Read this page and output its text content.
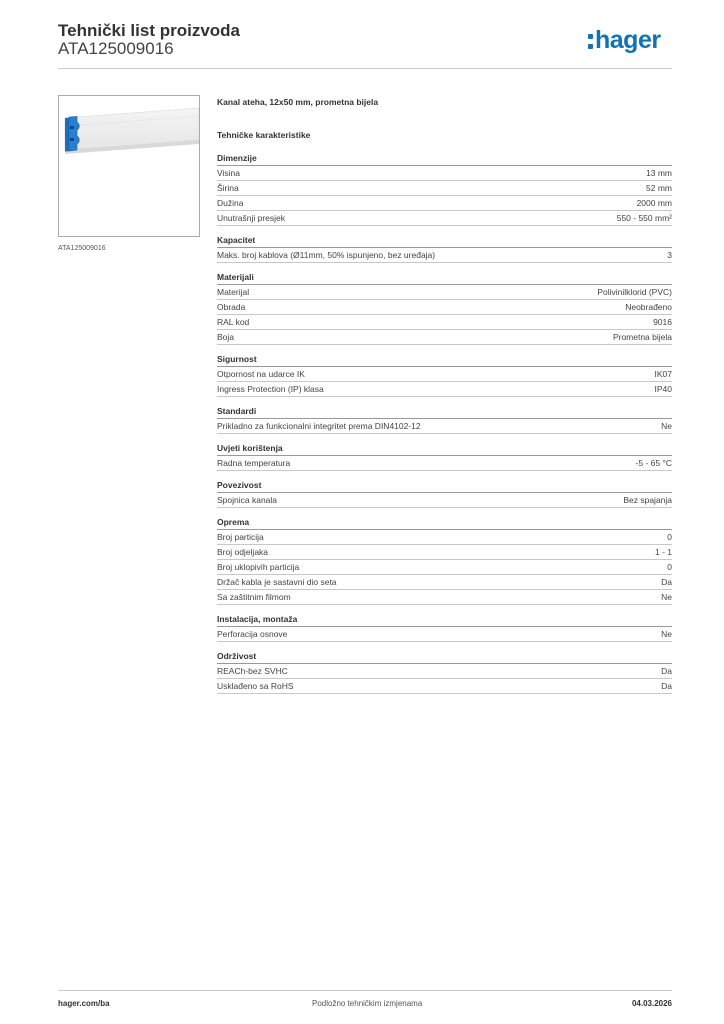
Tehnički list proizvoda
ATA125009016	hager
ATA125009016
Kanal ateha, 12x50 mm, prometna bijela
Tehničke karakteristike
Dimenzije
Visina	13 mm
Širina	52 mm
Dužina	2000 mm
Unutrašnji presjek	550 - 550 mm²
Kapacitet
Maks. broj kablova (Ø11mm, 50% ispunjeno, bez uređaja)	3
Materijali
Materijal	Polivinilklorid (PVC)
Obrada	Neobrađeno
RAL kod	9016
Boja	Prometna bijela
Sigurnost
Otpornost na udarce IK	IK07
Ingress Protection (IP) klasa	IP40
Standardi
Prikladno za funkcionalni integritet prema DIN4102-12	Ne
Uvjeti korištenja
Radna temperatura	-5 - 65 °C
Povezivost
Spojnica kanala	Bez spajanja
Oprema
Broj particija	0
Broj odjeljaka	1 - 1
Broj uklopivih particija	0
Držač kabla je sastavni dio seta	Da
Sa zaštitnim filmom	Ne
Instalacija, montaža
Perforacija osnove	Ne
Održivost
REACh-bez SVHC	Da
Usklađeno sa RoHS	Da
hager.com/ba	Podložno tehničkim izmjenama	04.03.2026
